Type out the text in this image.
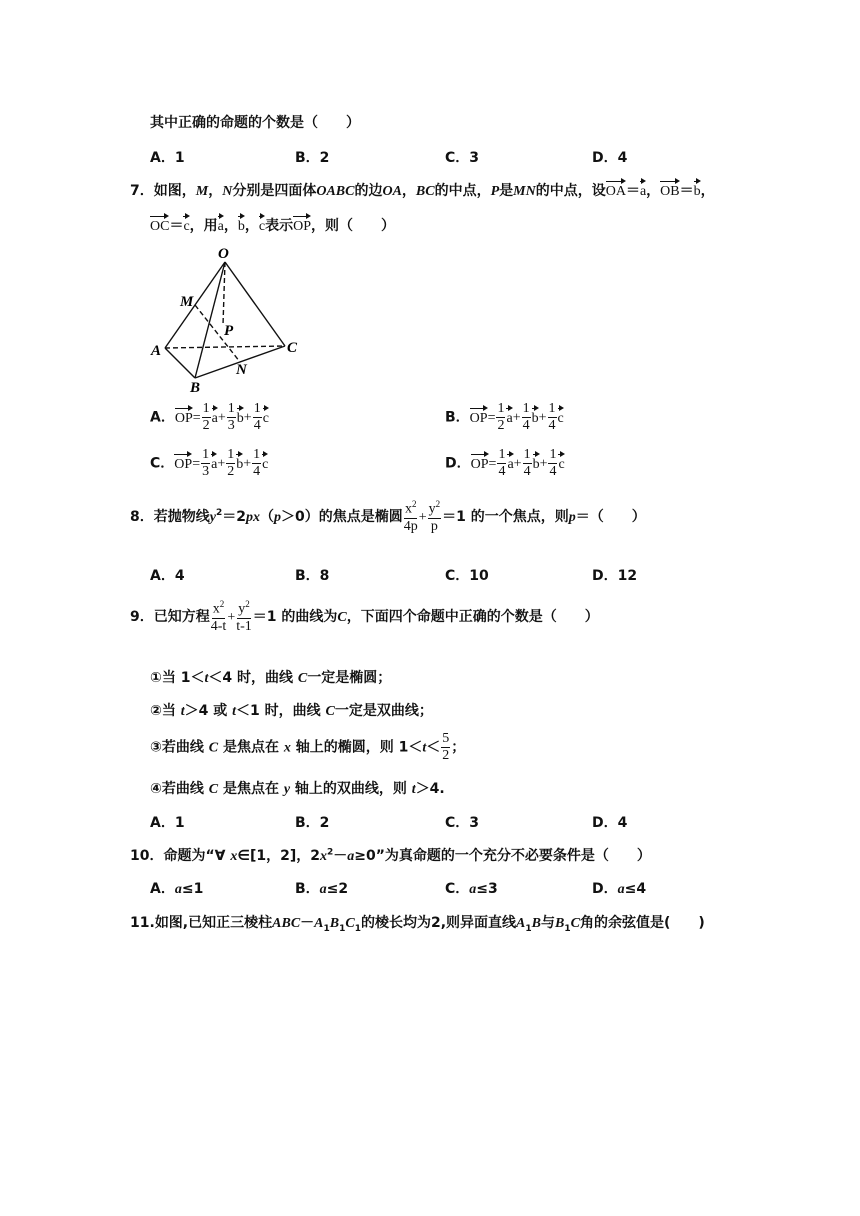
其中正确的命题的个数是（　　）
A．1	B．2	C．3	D．4
7．如图，M，N分别是四面体OABC的边OA，BC的中点，P是MN的中点，设
OA＝
a，
OB＝
b，
OC＝
c，用
a，
b，
c表示
OP，则（　　）
O
M
P
A	C
N
B
A．
$OP= \frac{1}{2} a+ \frac{1}{3} b+ \frac{1}{4}$ c	B．
$OP= \frac{1}{2} a+ \frac{1}{4} b+ \frac{1}{4}$ c
C．
$OP= \frac{1}{3} a+ \frac{1}{2} b+ \frac{1}{4}$ c	D．
$OP= \frac{1}{4} a+ \frac{1}{4} b+ \frac{1}{4}$ c
8．若抛物线$y^2=2px(p>0)$的焦点是椭圆 $\frac{x^2}{4p} + \frac{y^2}{p} =1$ 的一个焦点，则p＝（　　）
A．4	B．8	C．10	D．12
9．已知方程 $\frac{x^2}{4-t} + \frac{y^2}{t-1} =1$ 的曲线为C，下面四个命题中正确的个数是（　　）
①当 1＜t＜4 时，曲线 C一定是椭圆；
②当 t＞4 或 t＜1 时，曲线 C一定是双曲线；
③若曲线 C 是焦点在 x 轴上的椭圆，则 $1<t< \frac{5}{2}$ ；
④若曲线 C 是焦点在 y 轴上的双曲线，则 t＞4.
A．1	B．2	C．3	D．4
10．命题为“∀ x∈[1，2]，$2x^2-a\ge 0$”为真命题的一个充分不必要条件是（　　）
A．a≤1	B．a≤2	C．a≤3	D．a≤4
11.如图,已知正三棱柱$ABC-A_1B_1C_1$的棱长均为2,则异面直线$A_1B$与$B_1C$角的余弦值是(　　)
